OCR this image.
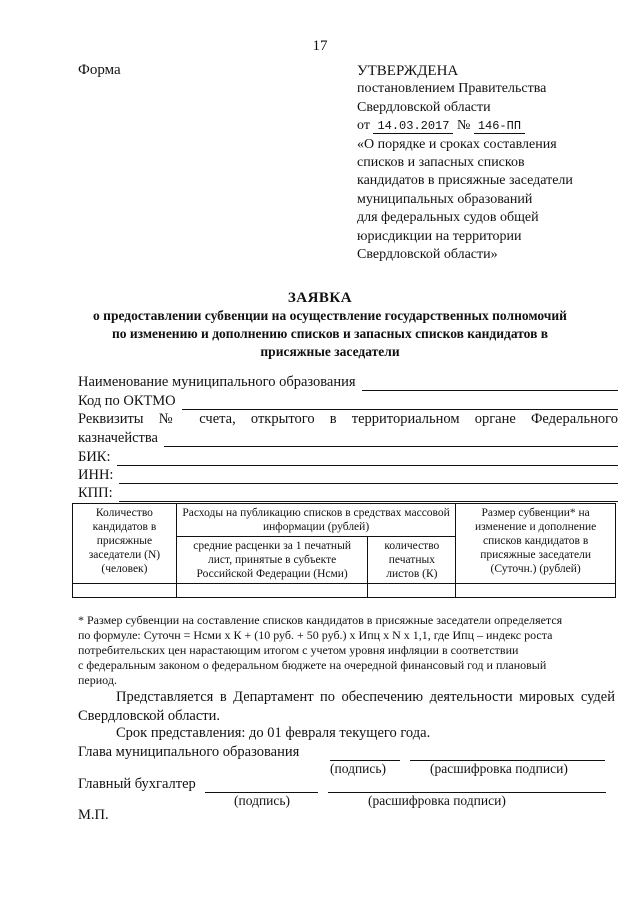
17
Форма	УТВЕРЖДЕНА
постановлением Правительства
Свердловской области
от 14.03.2017 № 146-ПП
«О порядке и сроках составления
списков и запасных списков
кандидатов в присяжные заседатели
муниципальных образований
для федеральных судов общей
юрисдикции на территории
Свердловской области»
ЗАЯВКА
о предоставлении субвенции на осуществление государственных полномочий по изменению и дополнению списков и запасных списков кандидатов в присяжные заседатели
Наименование муниципального образования
Код по ОКТМО
Реквизиты № счета, открытого в территориальном органе Федерального
казначейства
БИК:
ИНН:
КПП:
Количество кандидатов в присяжные заседатели (N) (человек)	Расходы на публикацию списков в средствах массовой информации (рублей)		Размер субвенции* на изменение и дополнение списков кандидатов в присяжные заседатели (Суточн.) (рублей)
	средние расценки за 1 печатный лист, принятые в субъекте Российской Федерации (Нсми)	количество печатных листов (К)	

* Размер субвенции на составление списков кандидатов в присяжные заседатели определяется
по формуле: Суточн = Нсми x К + (10 руб. + 50 руб.) x Ипц x N x 1,1, где Ипц – индекс роста
потребительских цен нарастающим итогом с учетом уровня инфляции в соответствии
с федеральным законом о федеральном бюджете на очередной финансовый год и плановый
период.
Представляется в Департамент по обеспечению деятельности мировых судей Свердловской области.
Срок представления: до 01 февраля текущего года.
Глава муниципального образования
(подпись)	(расшифровка подписи)
Главный бухгалтер
(подпись)	(расшифровка подписи)
М.П.
